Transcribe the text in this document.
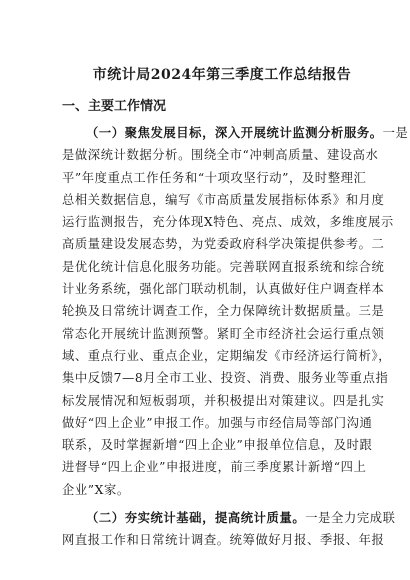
市统计局2024年第三季度工作总结报告
一、主要工作情况
（一）聚焦发展目标，深入开展统计监测分析服务。一是
是做深统计数据分析。围绕全市“冲刺高质量、建设高水
平”年度重点工作任务和“十项攻坚行动”，及时整理汇
总相关数据信息，编写《市高质量发展指标体系》和月度
运行监测报告，充分体现X特色、亮点、成效，多维度展示
高质量建设发展态势，为党委政府科学决策提供参考。二
是优化统计信息化服务功能。完善联网直报系统和综合统
计业务系统，强化部门联动机制，认真做好住户调查样本
轮换及日常统计调查工作，全力保障统计数据质量。三是
常态化开展统计监测预警。紧盯全市经济社会运行重点领
域、重点行业、重点企业，定期编发《市经济运行简析》，
集中反馈7—8月全市工业、投资、消费、服务业等重点指
标发展情况和短板弱项，并积极提出对策建议。四是扎实
做好“四上企业”申报工作。加强与市经信局等部门沟通
联系，及时掌握新增“四上企业”申报单位信息，及时跟
进督导“四上企业”申报进度，前三季度累计新增“四上
企业”X家。
（二）夯实统计基础，提高统计质量。一是全力完成联
网直报工作和日常统计调查。统筹做好月报、季报、年报
